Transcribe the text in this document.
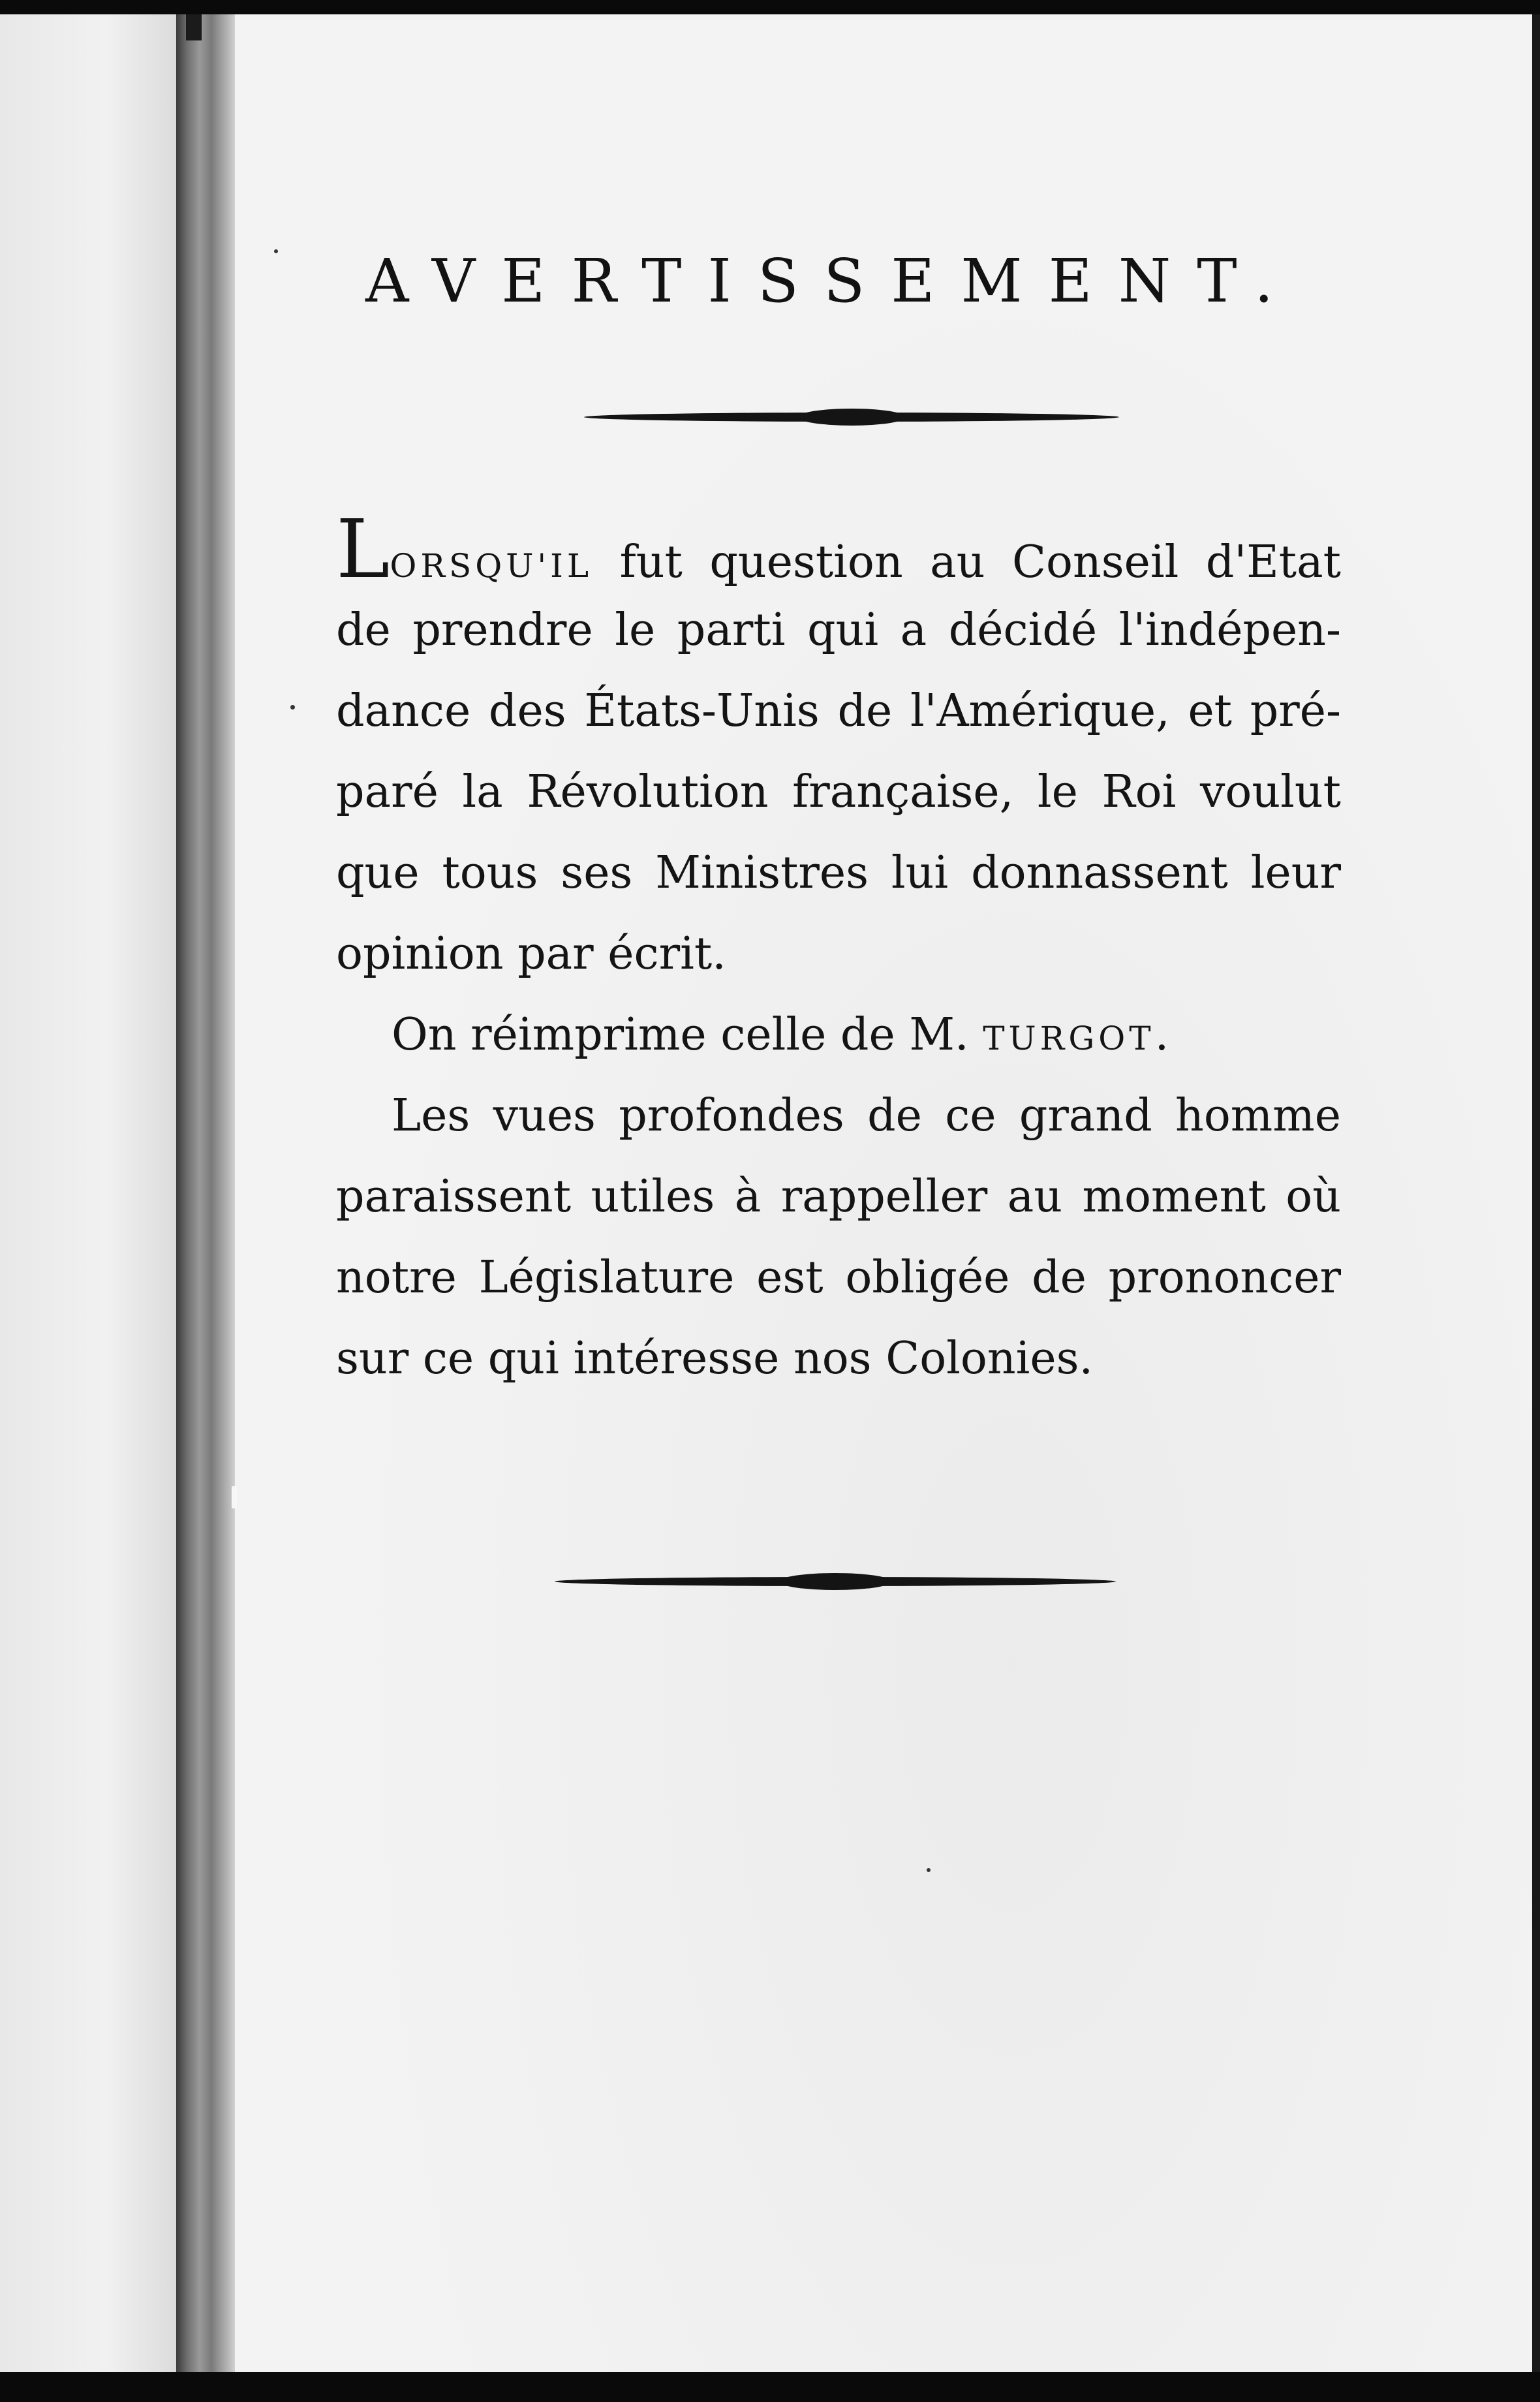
AVERTISSEMENT.
LORSQU'IL fut question au Conseil d'Etat
de prendre le parti qui a décidé l'indépen-
dance des États-Unis de l'Amérique, et pré-
paré la Révolution française, le Roi voulut
que tous ses Ministres lui donnassent leur
opinion par écrit.
On réimprime celle de M. TURGOT.
Les vues profondes de ce grand homme
paraissent utiles à rappeller au moment où
notre Législature est obligée de prononcer
sur ce qui intéresse nos Colonies.
